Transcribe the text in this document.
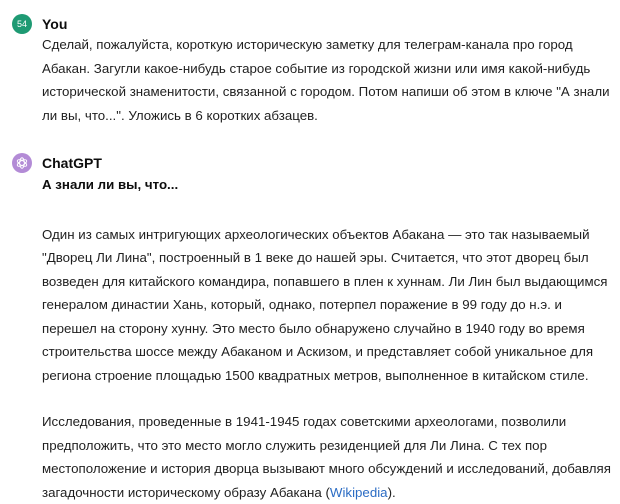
54	You

Сделай, пожалуйста, короткую историческую заметку для телеграм-канала про город Абакан. Загугли какое-нибудь старое событие из городской жизни или имя какой-нибудь исторической знаменитости, связанной с городом. Потом напиши об этом в ключе "А знали ли вы, что...". Уложись в 6 коротких абзацев.

ChatGPT

А знали ли вы, что...

Один из самых интригующих археологических объектов Абакана — это так называемый "Дворец Ли Лина", построенный в 1 веке до нашей эры. Считается, что этот дворец был возведен для китайского командира, попавшего в плен к хуннам. Ли Лин был выдающимся генералом династии Хань, который, однако, потерпел поражение в 99 году до н.э. и перешел на сторону хунну. Это место было обнаружено случайно в 1940 году во время строительства шоссе между Абаканом и Аскизом, и представляет собой уникальное для региона строение площадью 1500 квадратных метров, выполненное в китайском стиле.

Исследования, проведенные в 1941-1945 годах советскими археологами, позволили предположить, что это место могло служить резиденцией для Ли Лина. С тех пор местоположение и история дворца вызывают много обсуждений и исследований, добавляя загадочности историческому образу Абакана (Wikipedia).
